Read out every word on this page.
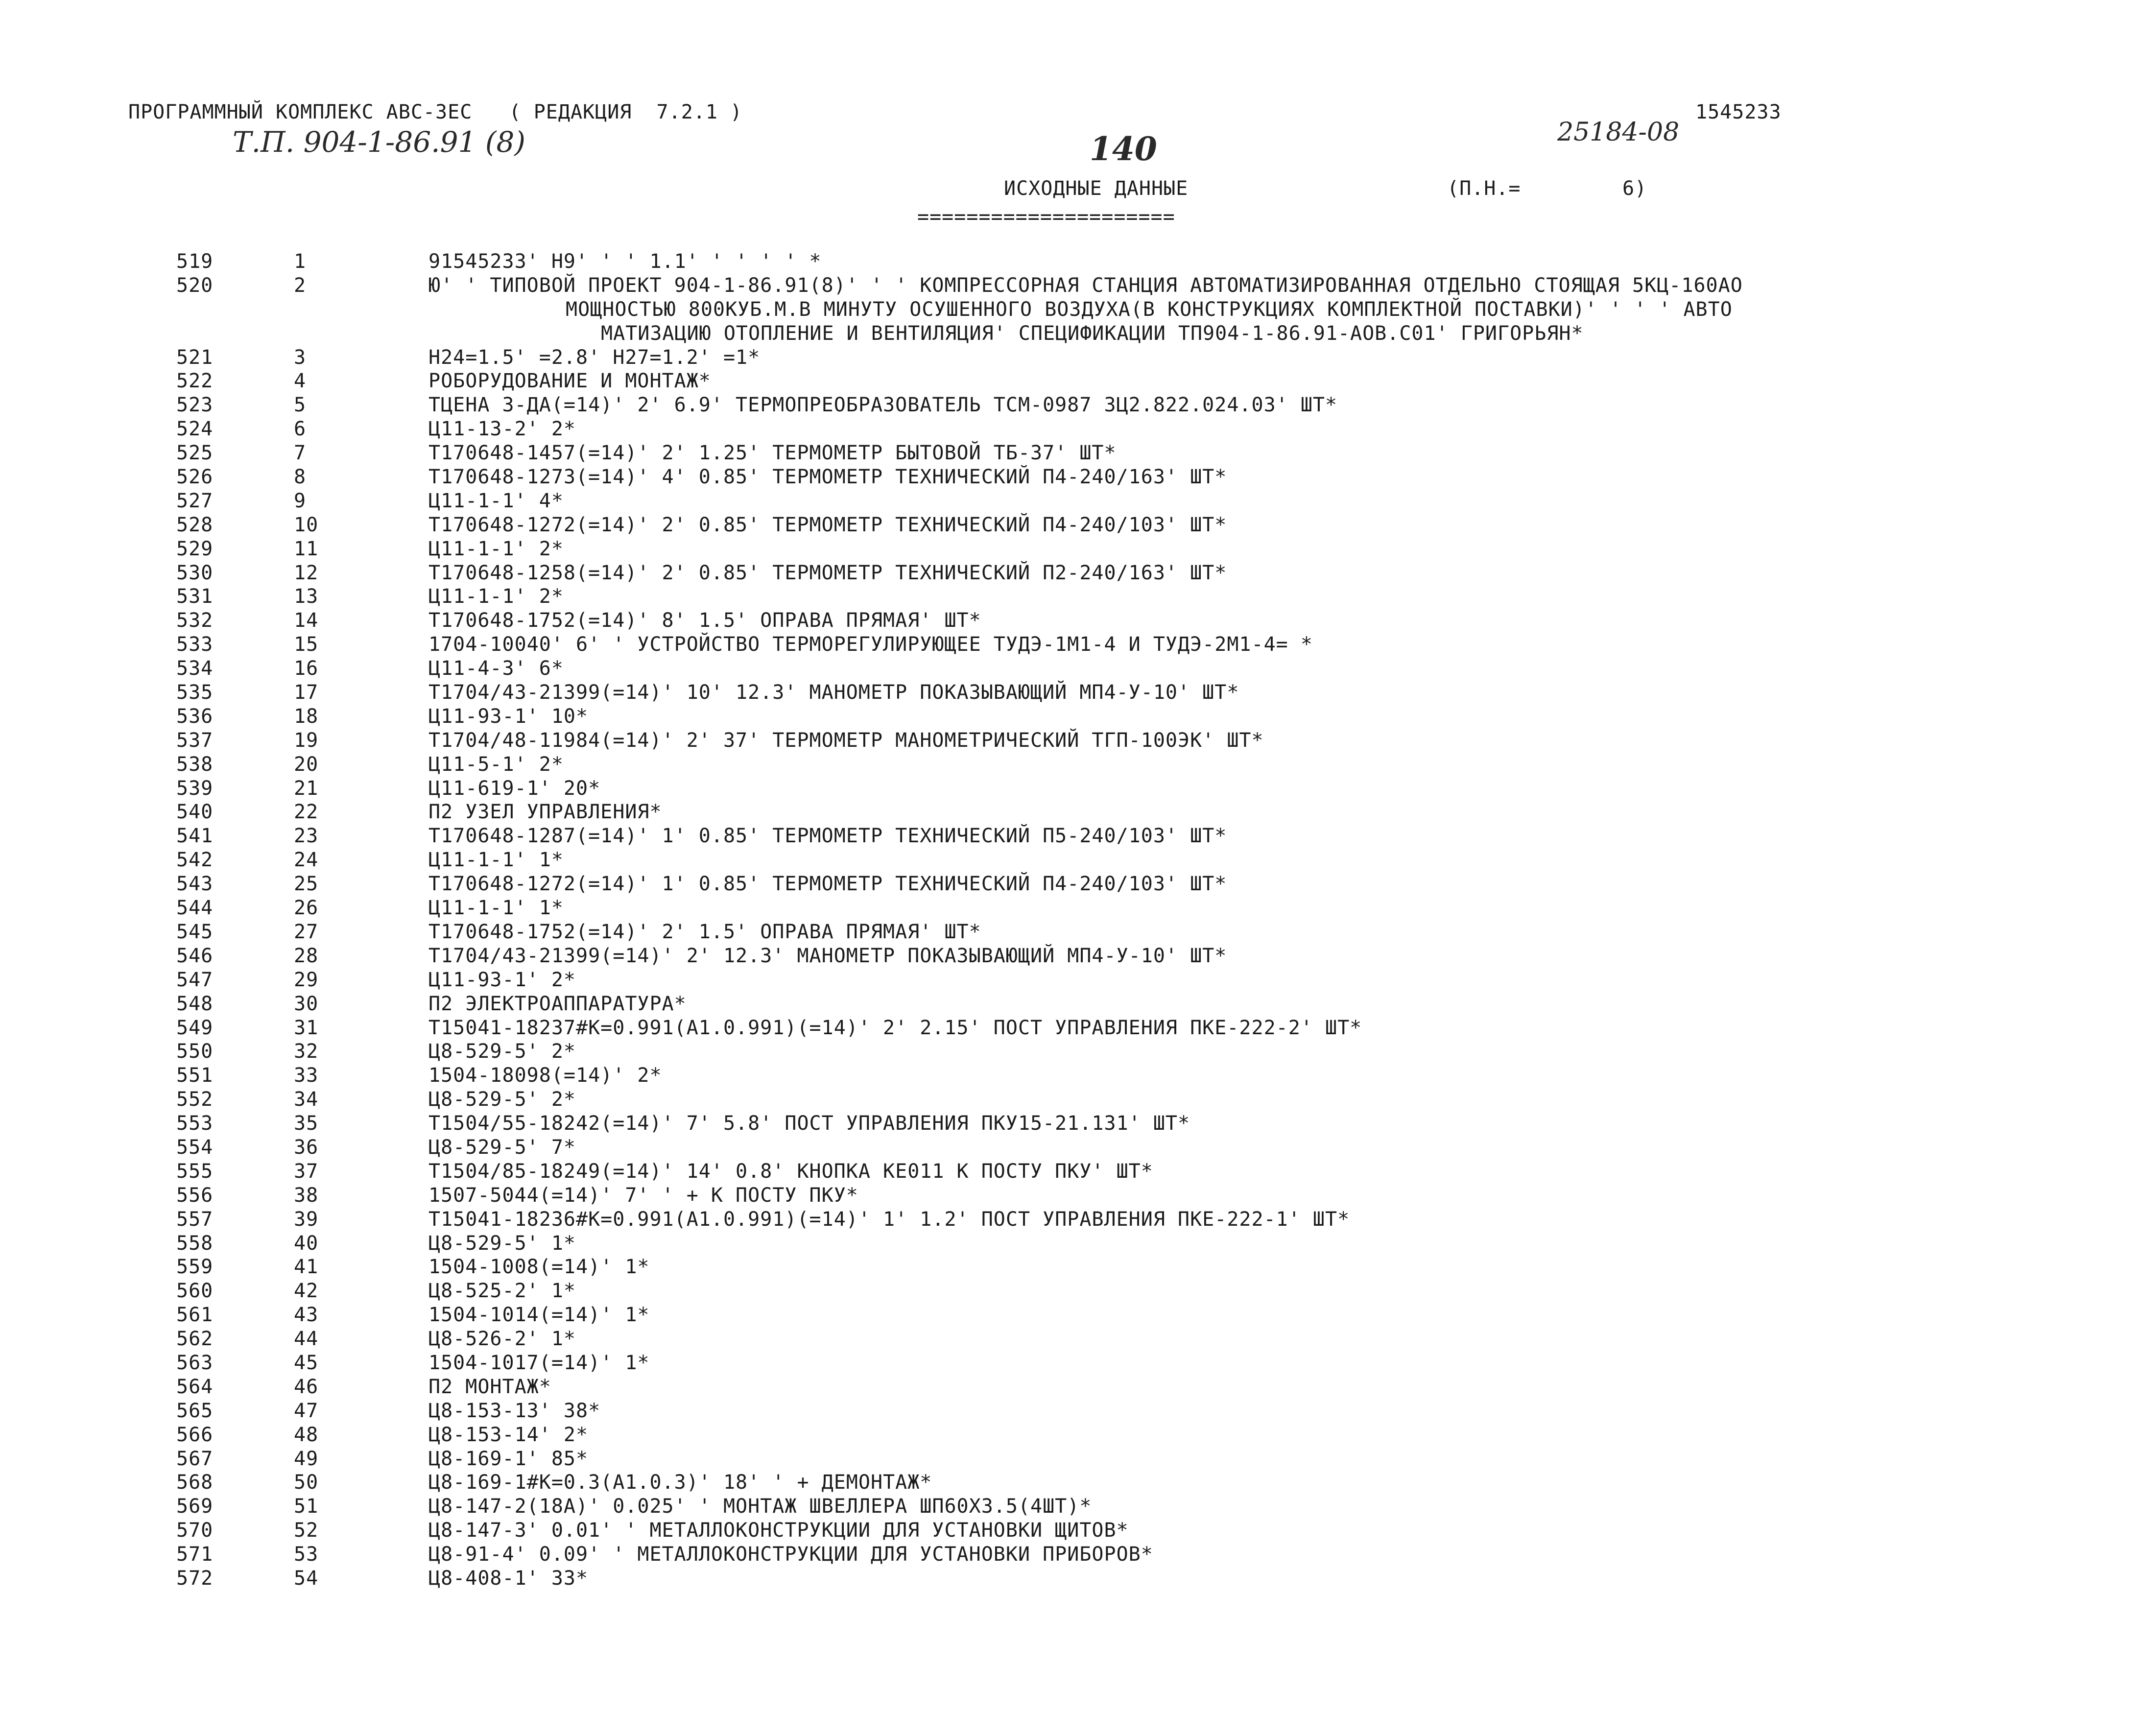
ПРОГРАММНЫЙ КОМПЛЕКС АВС-3ЕС   ( РЕДАКЦИЯ  7.2.1 )
Т.П. 904-1-86.91 (8)	140	25184-08
1545233
ИСХОДНЫЕ ДАННЫЕ
=====================
(П.Н.=	6)
519	1	91545233' Н9' ' ' 1.1' ' ' ' ' *
520	2	Ю' ' ТИПОВОЙ ПРОЕКТ 904-1-86.91(8)' ' ' КОМПРЕССОРНАЯ СТАНЦИЯ АВТОМАТИЗИРОВАННАЯ ОТДЕЛЬНО СТОЯЩАЯ 5КЦ-160АО
МОЩНОСТЬЮ 800КУБ.М.В МИНУТУ ОСУШЕННОГО ВОЗДУХА(В КОНСТРУКЦИЯХ КОМПЛЕКТНОЙ ПОСТАВКИ)' ' ' ' АВТО
МАТИЗАЦИЮ ОТОПЛЕНИЕ И ВЕНТИЛЯЦИЯ' СПЕЦИФИКАЦИИ ТП904-1-86.91-АОВ.С01' ГРИГОРЬЯН*
521	3	Н24=1.5' =2.8' Н27=1.2' =1*
522	4	РОБОРУДОВАНИЕ И МОНТАЖ*
523	5	ТЦЕНА 3-ДА(=14)' 2' 6.9' ТЕРМОПРЕОБРАЗОВАТЕЛЬ ТСМ-0987 3Ц2.822.024.03' ШТ*
524	6	Ц11-13-2' 2*
525	7	Т170648-1457(=14)' 2' 1.25' ТЕРМОМЕТР БЫТОВОЙ ТБ-37' ШТ*
526	8	Т170648-1273(=14)' 4' 0.85' ТЕРМОМЕТР ТЕХНИЧЕСКИЙ П4-240/163' ШТ*
527	9	Ц11-1-1' 4*
528	10	Т170648-1272(=14)' 2' 0.85' ТЕРМОМЕТР ТЕХНИЧЕСКИЙ П4-240/103' ШТ*
529	11	Ц11-1-1' 2*
530	12	Т170648-1258(=14)' 2' 0.85' ТЕРМОМЕТР ТЕХНИЧЕСКИЙ П2-240/163' ШТ*
531	13	Ц11-1-1' 2*
532	14	Т170648-1752(=14)' 8' 1.5' ОПРАВА ПРЯМАЯ' ШТ*
533	15	1704-10040' 6' ' УСТРОЙСТВО ТЕРМОРЕГУЛИРУЮЩЕЕ ТУДЭ-1М1-4 И ТУДЭ-2М1-4= *
534	16	Ц11-4-3' 6*
535	17	Т1704/43-21399(=14)' 10' 12.3' МАНОМЕТР ПОКАЗЫВАЮЩИЙ МП4-У-10' ШТ*
536	18	Ц11-93-1' 10*
537	19	Т1704/48-11984(=14)' 2' 37' ТЕРМОМЕТР МАНОМЕТРИЧЕСКИЙ ТГП-100ЭК' ШТ*
538	20	Ц11-5-1' 2*
539	21	Ц11-619-1' 20*
540	22	П2 УЗЕЛ УПРАВЛЕНИЯ*
541	23	Т170648-1287(=14)' 1' 0.85' ТЕРМОМЕТР ТЕХНИЧЕСКИЙ П5-240/103' ШТ*
542	24	Ц11-1-1' 1*
543	25	Т170648-1272(=14)' 1' 0.85' ТЕРМОМЕТР ТЕХНИЧЕСКИЙ П4-240/103' ШТ*
544	26	Ц11-1-1' 1*
545	27	Т170648-1752(=14)' 2' 1.5' ОПРАВА ПРЯМАЯ' ШТ*
546	28	Т1704/43-21399(=14)' 2' 12.3' МАНОМЕТР ПОКАЗЫВАЮЩИЙ МП4-У-10' ШТ*
547	29	Ц11-93-1' 2*
548	30	П2 ЭЛЕКТРОАППАРАТУРА*
549	31	Т15041-18237#К=0.991(А1.0.991)(=14)' 2' 2.15' ПОСТ УПРАВЛЕНИЯ ПКЕ-222-2' ШТ*
550	32	Ц8-529-5' 2*
551	33	1504-18098(=14)' 2*
552	34	Ц8-529-5' 2*
553	35	Т1504/55-18242(=14)' 7' 5.8' ПОСТ УПРАВЛЕНИЯ ПКУ15-21.131' ШТ*
554	36	Ц8-529-5' 7*
555	37	Т1504/85-18249(=14)' 14' 0.8' КНОПКА КЕ011 К ПОСТУ ПКУ' ШТ*
556	38	1507-5044(=14)' 7' ' + К ПОСТУ ПКУ*
557	39	Т15041-18236#К=0.991(А1.0.991)(=14)' 1' 1.2' ПОСТ УПРАВЛЕНИЯ ПКЕ-222-1' ШТ*
558	40	Ц8-529-5' 1*
559	41	1504-1008(=14)' 1*
560	42	Ц8-525-2' 1*
561	43	1504-1014(=14)' 1*
562	44	Ц8-526-2' 1*
563	45	1504-1017(=14)' 1*
564	46	П2 МОНТАЖ*
565	47	Ц8-153-13' 38*
566	48	Ц8-153-14' 2*
567	49	Ц8-169-1' 85*
568	50	Ц8-169-1#К=0.3(А1.0.3)' 18' ' + ДЕМОНТАЖ*
569	51	Ц8-147-2(18А)' 0.025' ' МОНТАЖ ШВЕЛЛЕРА ШП60Х3.5(4ШТ)*
570	52	Ц8-147-3' 0.01' ' МЕТАЛЛОКОНСТРУКЦИИ ДЛЯ УСТАНОВКИ ЩИТОВ*
571	53	Ц8-91-4' 0.09' ' МЕТАЛЛОКОНСТРУКЦИИ ДЛЯ УСТАНОВКИ ПРИБОРОВ*
572	54	Ц8-408-1' 33*
